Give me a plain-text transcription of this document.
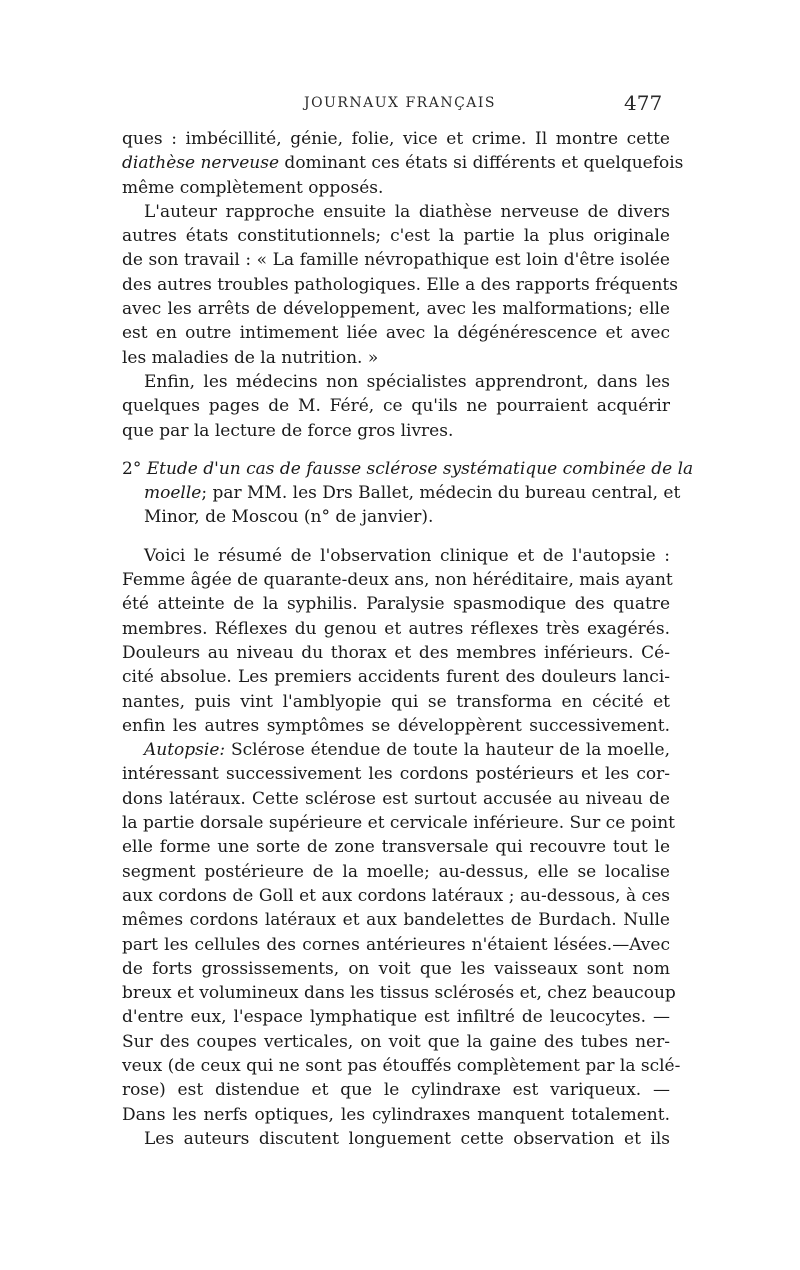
JOURNAUX FRANÇAIS	477
ques : imbécillité, génie, folie, vice et crime. Il montre cette
diathèse nerveuse dominant ces états si différents et quelquefois
même complètement opposés.
L'auteur rapproche ensuite la diathèse nerveuse de divers
autres états constitutionnels; c'est la partie la plus originale
de son travail : « La famille névropathique est loin d'être isolée
des autres troubles pathologiques. Elle a des rapports fréquents
avec les arrêts de développement, avec les malformations; elle
est en outre intimement liée avec la dégénérescence et avec
les maladies de la nutrition. »
Enfin, les médecins non spécialistes apprendront, dans les
quelques pages de M. Féré, ce qu'ils ne pourraient acquérir
que par la lecture de force gros livres.
2° Etude d'un cas de fausse sclérose systématique combinée de la
moelle; par MM. les Drs Ballet, médecin du bureau central, et
Minor, de Moscou (n° de janvier).
Voici le résumé de l'observation clinique et de l'autopsie :
Femme âgée de quarante-deux ans, non héréditaire, mais ayant
été atteinte de la syphilis. Paralysie spasmodique des quatre
membres. Réflexes du genou et autres réflexes très exagérés.
Douleurs au niveau du thorax et des membres inférieurs. Cé-
cité absolue. Les premiers accidents furent des douleurs lanci-
nantes, puis vint l'amblyopie qui se transforma en cécité et
enfin les autres symptômes se développèrent successivement.
Autopsie: Sclérose étendue de toute la hauteur de la moelle,
intéressant successivement les cordons postérieurs et les cor-
dons latéraux. Cette sclérose est surtout accusée au niveau de
la partie dorsale supérieure et cervicale inférieure. Sur ce point
elle forme une sorte de zone transversale qui recouvre tout le
segment postérieure de la moelle; au-dessus, elle se localise
aux cordons de Goll et aux cordons latéraux ; au-dessous, à ces
mêmes cordons latéraux et aux bandelettes de Burdach. Nulle
part les cellules des cornes antérieures n'étaient lésées.—Avec
de forts grossissements, on voit que les vaisseaux sont nom
breux et volumineux dans les tissus sclérosés et, chez beaucoup
d'entre eux, l'espace lymphatique est infiltré de leucocytes. —
Sur des coupes verticales, on voit que la gaine des tubes ner-
veux (de ceux qui ne sont pas étouffés complètement par la sclé-
rose) est distendue et que le cylindraxe est variqueux. —
Dans les nerfs optiques, les cylindraxes manquent totalement.
Les auteurs discutent longuement cette observation et ils
